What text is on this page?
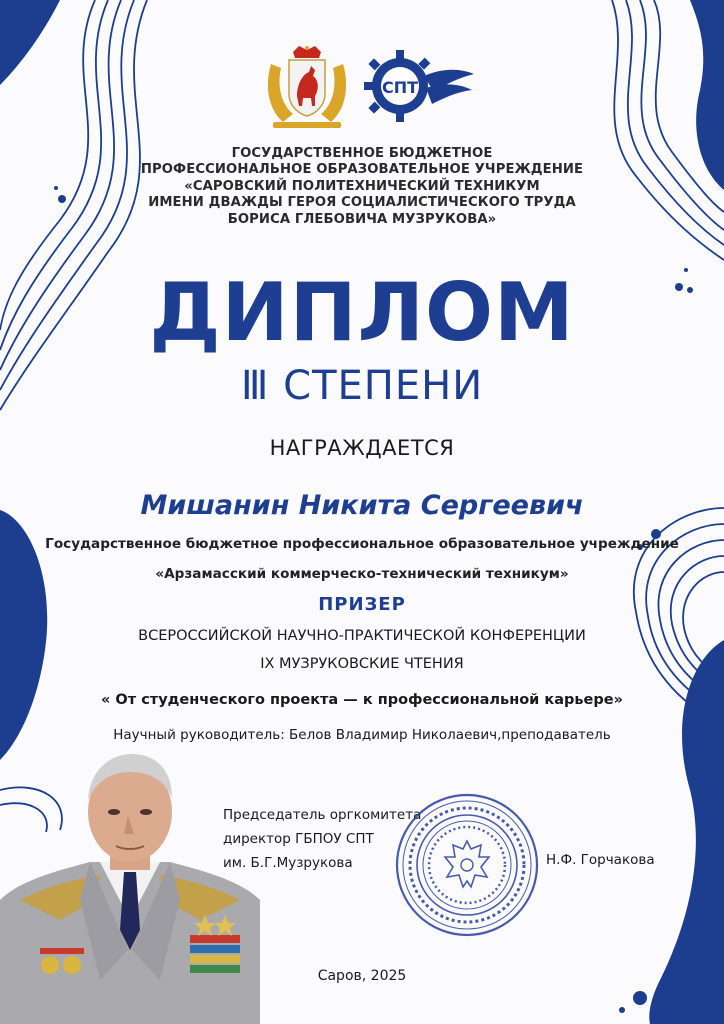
СПТ
ГОСУДАРСТВЕННОЕ БЮДЖЕТНОЕ
ПРОФЕССИОНАЛЬНОЕ ОБРАЗОВАТЕЛЬНОЕ УЧРЕЖДЕНИЕ
«САРОВСКИЙ ПОЛИТЕХНИЧЕСКИЙ ТЕХНИКУМ
ИМЕНИ ДВАЖДЫ ГЕРОЯ СОЦИАЛИСТИЧЕСКОГО ТРУДА
БОРИСА ГЛЕБОВИЧА МУЗРУКОВА»
ДИПЛОМ
Ⅲ СТЕПЕНИ
НАГРАЖДАЕТСЯ
Мишанин Никита Сергеевич
Государственное бюджетное профессиональное образовательное учреждение
«Арзамасский коммерческо-технический техникум»
ПРИЗЕР
ВСЕРОССИЙСКОЙ НАУЧНО-ПРАКТИЧЕСКОЙ КОНФЕРЕНЦИИ
IX МУЗРУКОВСКИЕ ЧТЕНИЯ
« От студенческого проекта — к профессиональной карьере»
Научный руководитель: Белов Владимир Николаевич,преподаватель
Председатель оргкомитета
директор ГБПОУ СПТ
им. Б.Г.Музрукова	Н.Ф. Горчакова
Саров, 2025
